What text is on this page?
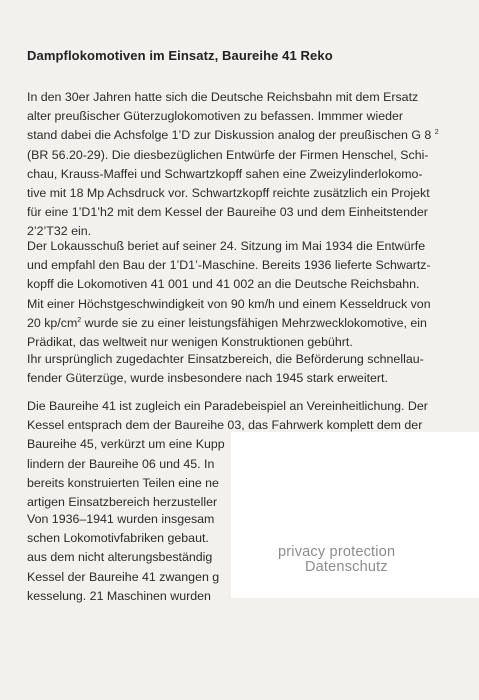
Dampflokomotiven im Einsatz, Baureihe 41 Reko
In den 30er Jahren hatte sich die Deutsche Reichsbahn mit dem Ersatz
alter preußischer Güterzuglokomotiven zu befassen. Immmer wieder
stand dabei die Achsfolge 1’D zur Diskussion analog der preußischen G 8 $^2$
(BR 56.20-29). Die diesbezüglichen Entwürfe der Firmen Henschel, Schi-
chau, Krauss-Maffei und Schwartzkopff sahen eine Zweizylinderlokomo-
tive mit 18 Mp Achsdruck vor. Schwartzkopff reichte zusätzlich ein Projekt
für eine 1’D1’h2 mit dem Kessel der Baureihe 03 und dem Einheitstender
2’2’T32 ein.
Der Lokausschuß beriet auf seiner 24. Sitzung im Mai 1934 die Entwürfe
und empfahl den Bau der 1’D1’-Maschine. Bereits 1936 lieferte Schwartz-
kopff die Lokomotiven 41 001 und 41 002 an die Deutsche Reichsbahn.
Mit einer Höchstgeschwindigkeit von 90 km/h und einem Kesseldruck von
20 $kp/cm^2$ wurde sie zu einer leistungsfähigen Mehrzwecklokomotive, ein
Prädikat, das weltweit nur wenigen Konstruktionen gebührt.
Ihr ursprünglich zugedachter Einsatzbereich, die Beförderung schnellau-
fender Güterzüge, wurde insbesondere nach 1945 stark erweitert.
Die Baureihe 41 ist zugleich ein Paradebeispiel an Vereinheitlichung. Der
Kessel entsprach dem der Baureihe 03, das Fahrwerk komplett dem der
Baureihe 45, verkürzt um eine Kupp
lindern der Baureihe 06 und 45. In
bereits konstruierten Teilen eine ne
artigen Einsatzbereich herzusteller
Von 1936–1941 wurden insgesam
schen Lokomotivfabriken gebaut.
aus dem nicht alterungsbeständig
Kessel der Baureihe 41 zwangen g
kesselung. 21 Maschinen wurden
privacy protection
Datenschutz
